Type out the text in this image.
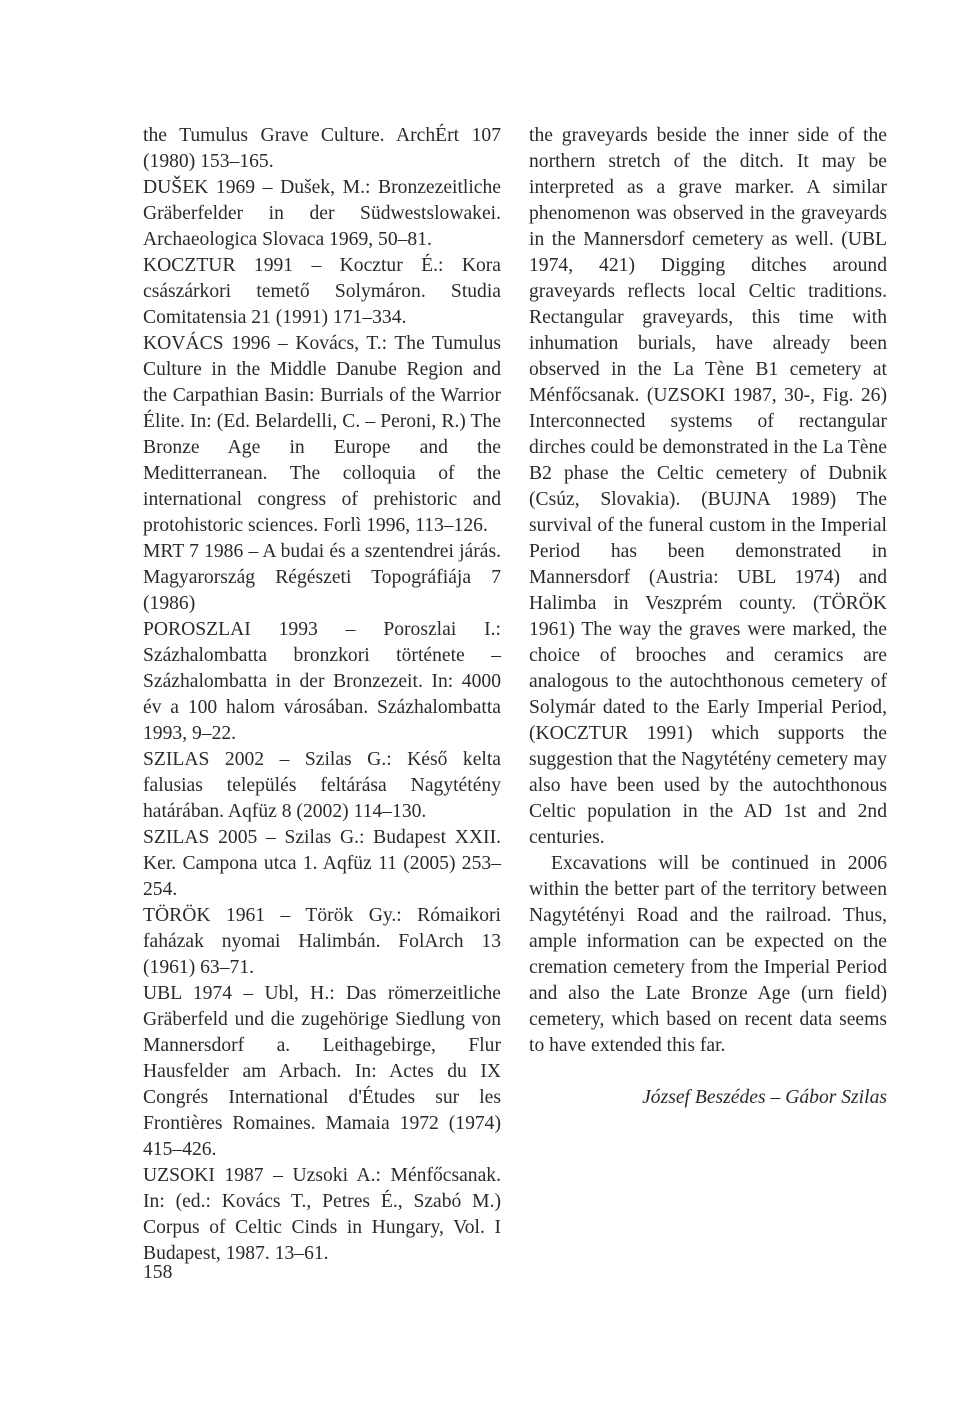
the Tumulus Grave Culture. ArchÉrt 107 (1980) 153–165.

DUŠEK 1969 – Dušek, M.: Bronzezeitliche Gräberfelder in der Südwestslowakei. Archaeologica Slovaca 1969, 50–81.

KOCZTUR 1991 – Kocztur É.: Kora császárkori temető Solymáron. Studia Comitatensia 21 (1991) 171–334.

KOVÁCS 1996 – Kovács, T.: The Tumulus Culture in the Middle Danube Region and the Carpathian Basin: Burrials of the Warrior Élite. In: (Ed. Belardelli, C. – Peroni, R.) The Bronze Age in Europe and the Meditterranean. The colloquia of the international congress of prehistoric and protohistoric sciences. Forlì 1996, 113–126.

MRT 7 1986 – A budai és a szentendrei járás. Magyarország Régészeti Topográfiája 7 (1986)

POROSZLAI 1993 – Poroszlai I.: Százhalombatta bronzkori története – Százhalombatta in der Bronzezeit. In: 4000 év a 100 halom városában. Százhalombatta 1993, 9–22.

SZILAS 2002 – Szilas G.: Késő kelta falusias település feltárása Nagytétény határában. Aqfüz 8 (2002) 114–130.

SZILAS 2005 – Szilas G.: Budapest XXII. Ker. Campona utca 1. Aqfüz 11 (2005) 253–254.

TÖRÖK 1961 – Török Gy.: Rómaikori faházak nyomai Halimbán. FolArch 13 (1961) 63–71.

UBL 1974 – Ubl, H.: Das römerzeitliche Gräberfeld und die zugehörige Siedlung von Mannersdorf a. Leithagebirge, Flur Hausfelder am Arbach. In: Actes du IX Congrés International d'Études sur les Frontières Romaines. Mamaia 1972 (1974) 415–426.

UZSOKI 1987 – Uzsoki A.: Ménfőcsanak. In: (ed.: Kovács T., Petres É., Szabó M.) Corpus of Celtic Cinds in Hungary, Vol. I Budapest, 1987. 13–61.

the graveyards beside the inner side of the northern stretch of the ditch. It may be interpreted as a grave marker. A similar phenomenon was observed in the graveyards in the Mannersdorf cemetery as well. (UBL 1974, 421) Digging ditches around graveyards reflects local Celtic traditions. Rectangular graveyards, this time with inhumation burials, have already been observed in the La Tène B1 cemetery at Ménfőcsanak. (UZSOKI 1987, 30-, Fig. 26) Interconnected systems of rectangular dirches could be demonstrated in the La Tène B2 phase the Celtic cemetery of Dubnik (Csúz, Slovakia). (BUJNA 1989) The survival of the funeral custom in the Imperial Period has been demonstrated in Mannersdorf (Austria: UBL 1974) and Halimba in Veszprém county. (TÖRÖK 1961) The way the graves were marked, the choice of brooches and ceramics are analogous to the autochthonous cemetery of Solymár dated to the Early Imperial Period, (KOCZTUR 1991) which supports the suggestion that the Nagytétény cemetery may also have been used by the autochthonous Celtic population in the AD 1st and 2nd centuries.

Excavations will be continued in 2006 within the better part of the territory between Nagytétényi Road and the railroad. Thus, ample information can be expected on the cremation cemetery from the Imperial Period and also the Late Bronze Age (urn field) cemetery, which based on recent data seems to have extended this far.

József Beszédes – Gábor Szilas

158
